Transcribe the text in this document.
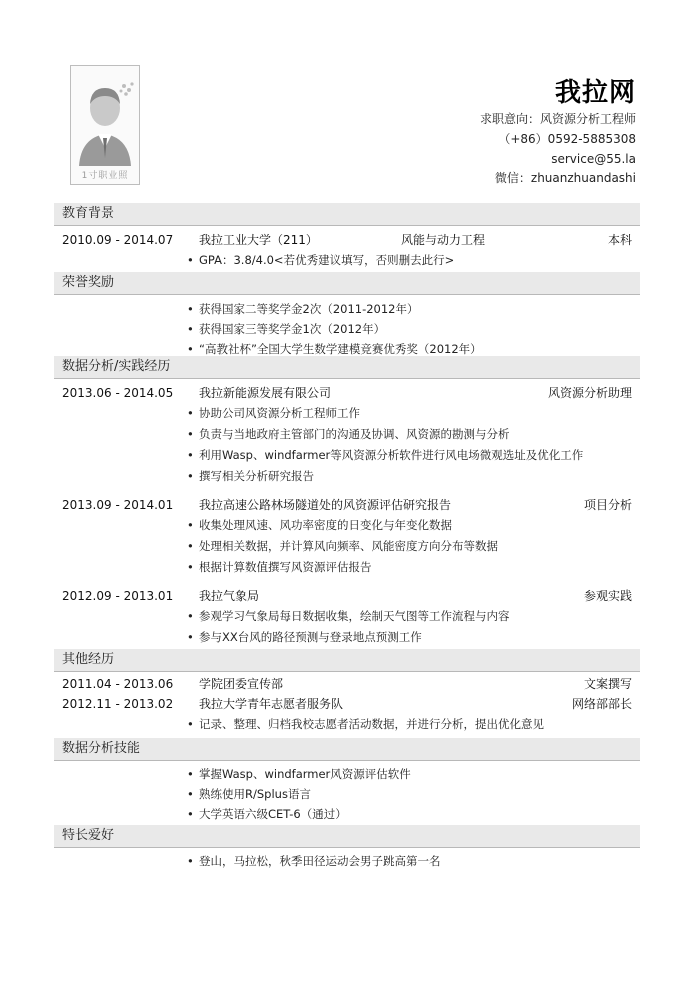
1寸职业照
我拉网
求职意向：风资源分析工程师
（+86）0592-5885308
service@55.la
微信：zhuanzhuandashi
教育背景
2010.09 - 2014.07 我拉工业大学（211）	风能与动力工程	本科
• GPA：3.8/4.0<若优秀建议填写，否则删去此行>
荣誉奖励
• 获得国家二等奖学金2次（2011-2012年）
• 获得国家三等奖学金1次（2012年）
• “高教社杯”全国大学生数学建模竞赛优秀奖（2012年）
数据分析/实践经历
2013.06 - 2014.05 我拉新能源发展有限公司	风资源分析助理
• 协助公司风资源分析工程师工作
• 负责与当地政府主管部门的沟通及协调、风资源的勘测与分析
• 利用Wasp、windfarmer等风资源分析软件进行风电场微观选址及优化工作
• 撰写相关分析研究报告
2013.09 - 2014.01 我拉高速公路林场隧道处的风资源评估研究报告	项目分析
• 收集处理风速、风功率密度的日变化与年变化数据
• 处理相关数据，并计算风向频率、风能密度方向分布等数据
• 根据计算数值撰写风资源评估报告
2012.09 - 2013.01 我拉气象局	参观实践
• 参观学习气象局每日数据收集，绘制天气图等工作流程与内容
• 参与XX台风的路径预测与登录地点预测工作
其他经历
2011.04 - 2013.06 学院团委宣传部	文案撰写
2012.11 - 2013.02 我拉大学青年志愿者服务队	网络部部长
• 记录、整理、归档我校志愿者活动数据，并进行分析，提出优化意见
数据分析技能
• 掌握Wasp、windfarmer风资源评估软件
• 熟练使用R/Splus语言
• 大学英语六级CET-6（通过）
特长爱好
• 登山，马拉松，秋季田径运动会男子跳高第一名
